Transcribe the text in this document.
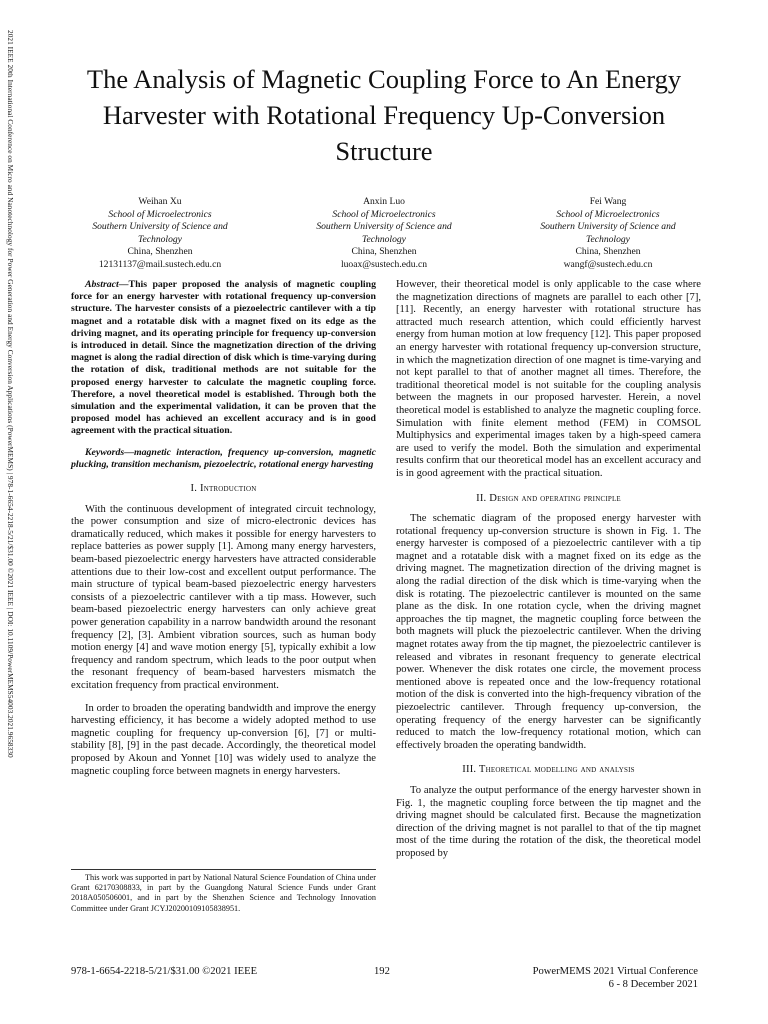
2021 IEEE 20th International Conference on Micro and Nanotechnology for Power Generation and Energy Conversion Applications (PowerMEMS) | 978-1-6654-2218-5/21/$31.00 ©2021 IEEE | DOI: 10.1109/PowerMEMS54003.2021.9658330	The Analysis of Magnetic Coupling Force to An Energy Harvester with Rotational Frequency Up-Conversion Structure
Weihan Xu
School of Microelectronics
Southern University of Science and Technology
China, Shenzhen
12131137@mail.sustech.edu.cn
Anxin Luo
School of Microelectronics
Southern University of Science and Technology
China, Shenzhen
luoax@sustech.edu.cn
Fei Wang
School of Microelectronics
Southern University of Science and Technology
China, Shenzhen
wangf@sustech.edu.cn
Abstract—This paper proposed the analysis of magnetic coupling force for an energy harvester with rotational frequency up-conversion structure. The harvester consists of a piezoelectric cantilever with a tip magnet and a rotatable disk with a magnet fixed on its edge as the driving magnet, and its operating principle for frequency up-conversion is introduced in detail. Since the magnetization direction of the driving magnet is along the radial direction of disk which is time-varying during the rotation of disk, traditional methods are not suitable for the proposed energy harvester to calculate the magnetic coupling force. Therefore, a novel theoretical model is established. Through both the simulation and the experimental validation, it can be proven that the proposed model has achieved an excellent accuracy and is in good agreement with the practical situation.
Keywords—magnetic interaction, frequency up-conversion, magnetic plucking, transition mechanism, piezoelectric, rotational energy harvesting
I. Introduction

With the continuous development of integrated circuit technology, the power consumption and size of micro-electronic devices has dramatically reduced, which makes it possible for energy harvesters to replace batteries as power supply [1]. Among many energy harvesters, beam-based piezoelectric energy harvesters have attracted considerable attentions due to their low-cost and excellent output performance. The main structure of typical beam-based piezoelectric energy harvesters consists of a piezoelectric cantilever with a tip mass. However, such beam-based piezoelectric energy harvesters can only achieve great power generation capability in a narrow bandwidth around the resonant frequency [2], [3]. Ambient vibration sources, such as human body motion energy [4] and wave motion energy [5], typically exhibit a low frequency and random spectrum, which leads to the poor output when the resonant frequency of beam-based harvesters mismatch the excitation frequency from practical environment.

In order to broaden the operating bandwidth and improve the energy harvesting efficiency, it has become a widely adopted method to use magnetic coupling for frequency up-conversion [6], [7] or multi-stability [8], [9] in the past decade. Accordingly, the theoretical model proposed by Akoun and Yonnet [10] was widely used to analyze the magnetic coupling force between magnets in energy harvesters.

However, their theoretical model is only applicable to the case where the magnetization directions of magnets are parallel to each other [7], [11]. Recently, an energy harvester with rotational structure has attracted much research attention, which could efficiently harvest energy from human motion at low frequency [12]. This paper proposed an energy harvester with rotational frequency up-conversion structure, in which the magnetization direction of one magnet is time-varying and not kept parallel to that of another magnet all times. Therefore, the traditional theoretical model is not suitable for the coupling analysis between the magnets in our proposed harvester. Herein, a novel theoretical model is established to analyze the magnetic coupling force. Simulation with finite element method (FEM) in COMSOL Multiphysics and experimental images taken by a high-speed camera are used to verify the model. Both the simulation and experimental results confirm that our theoretical model has an excellent accuracy and is in good agreement with the practical situation.

II. Design and operating principle

The schematic diagram of the proposed energy harvester with rotational frequency up-conversion structure is shown in Fig. 1. The energy harvester is composed of a piezoelectric cantilever with a tip magnet and a rotatable disk with a magnet fixed on its edge as the driving magnet. The magnetization direction of the driving magnet is along the radial direction of the disk which is time-varying when the disk is rotating. The piezoelectric cantilever is mounted on the same plane as the disk. In one rotation cycle, when the driving magnet approaches the tip magnet, the magnetic coupling force between the both magnets will pluck the piezoelectric cantilever. When the driving magnet rotates away from the tip magnet, the piezoelectric cantilever is released and vibrates in resonant frequency to generate electrical power. Whenever the disk rotates one circle, the movement process mentioned above is repeated once and the low-frequency rotational motion of the disk is converted into the high-frequency vibration of the piezoelectric cantilever. Through frequency up-conversion, the operating frequency of the energy harvester can be significantly reduced to match the low-frequency rotational motion, which can effectively broaden the operating bandwidth.

III. Theoretical modelling and analysis

To analyze the output performance of the energy harvester shown in Fig. 1, the magnetic coupling force between the tip magnet and the driving magnet should be calculated first. Because the magnetization direction of the driving magnet is not parallel to that of the tip magnet most of the time during the rotation of the disk, the theoretical model proposed by

This work was supported in part by National Natural Science Foundation of China under Grant 62170308833, in part by the Guangdong Natural Science Funds under Grant 2018A050506001, and in part by the Shenzhen Science and Technology Innovation Committee under Grant JCYJ20200109105838951.

978-1-6654-2218-5/21/$31.00 ©2021 IEEE	192	PowerMEMS 2021 Virtual Conference
6 - 8 December 2021
